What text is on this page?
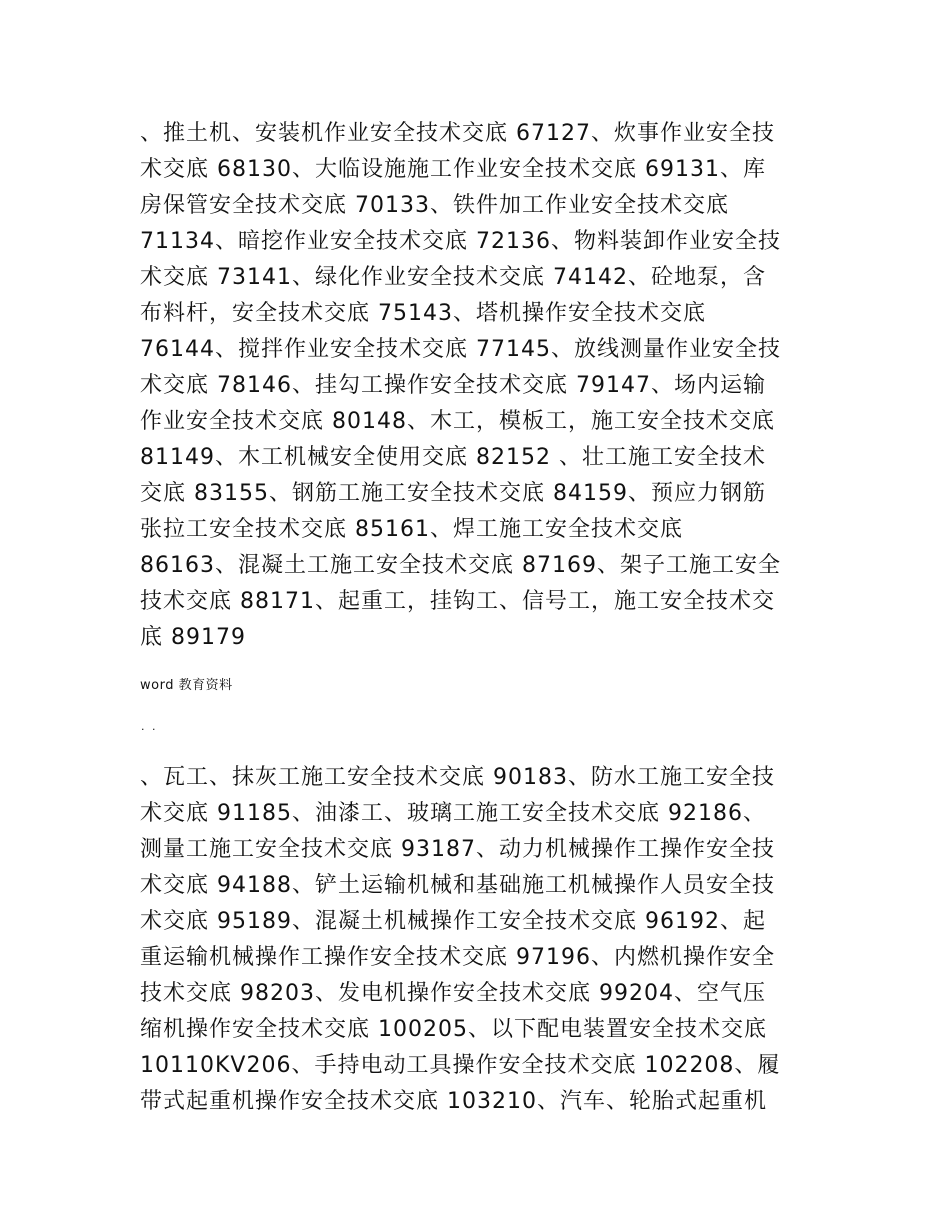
、推土机、安装机作业安全技术交底 67127、炊事作业安全技
术交底 68130、大临设施施工作业安全技术交底 69131、库
房保管安全技术交底 70133、铁件加工作业安全技术交底
71134、暗挖作业安全技术交底 72136、物料装卸作业安全技
术交底 73141、绿化作业安全技术交底 74142、砼地泵，含
布料杆，安全技术交底 75143、塔机操作安全技术交底
76144、搅拌作业安全技术交底 77145、放线测量作业安全技
术交底 78146、挂勾工操作安全技术交底 79147、场内运输
作业安全技术交底 80148、木工，模板工，施工安全技术交底
81149、木工机械安全使用交底 82152 、壮工施工安全技术
交底 83155、钢筋工施工安全技术交底 84159、预应力钢筋
张拉工安全技术交底 85161、焊工施工安全技术交底
86163、混凝土工施工安全技术交底 87169、架子工施工安全
技术交底 88171、起重工，挂钩工、信号工，施工安全技术交
底 89179

word 教育资料

. .

、瓦工、抹灰工施工安全技术交底 90183、防水工施工安全技
术交底 91185、油漆工、玻璃工施工安全技术交底 92186、
测量工施工安全技术交底 93187、动力机械操作工操作安全技
术交底 94188、铲土运输机械和基础施工机械操作人员安全技
术交底 95189、混凝土机械操作工安全技术交底 96192、起
重运输机械操作工操作安全技术交底 97196、内燃机操作安全
技术交底 98203、发电机操作安全技术交底 99204、空气压
缩机操作安全技术交底 100205、以下配电装置安全技术交底
10110KV206、手持电动工具操作安全技术交底 102208、履
带式起重机操作安全技术交底 103210、汽车、轮胎式起重机
